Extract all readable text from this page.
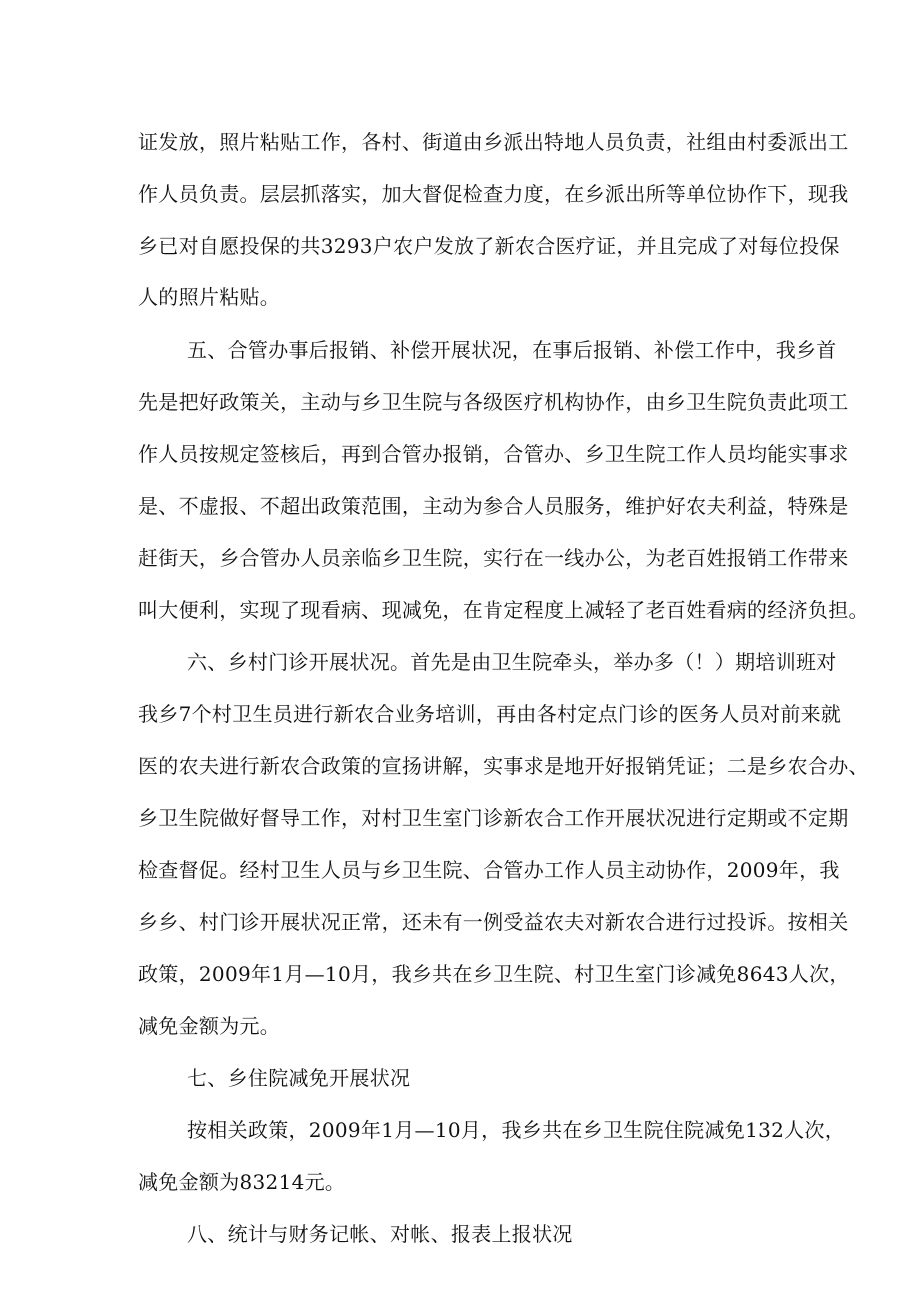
证发放，照片粘贴工作，各村、街道由乡派出特地人员负责，社组由村委派出工
作人员负责。层层抓落实，加大督促检查力度，在乡派出所等单位协作下，现我
乡已对自愿投保的共3293户农户发放了新农合医疗证，并且完成了对每位投保
人的照片粘贴。
五、合管办事后报销、补偿开展状况，在事后报销、补偿工作中，我乡首
先是把好政策关，主动与乡卫生院与各级医疗机构协作，由乡卫生院负责此项工
作人员按规定签核后，再到合管办报销，合管办、乡卫生院工作人员均能实事求
是、不虚报、不超出政策范围，主动为参合人员服务，维护好农夫利益，特殊是
赶街天，乡合管办人员亲临乡卫生院，实行在一线办公，为老百姓报销工作带来
叫大便利，实现了现看病、现减免，在肯定程度上减轻了老百姓看病的经济负担。
六、乡村门诊开展状况。首先是由卫生院牵头，举办多（！）期培训班对
我乡7个村卫生员进行新农合业务培训，再由各村定点门诊的医务人员对前来就
医的农夫进行新农合政策的宣扬讲解，实事求是地开好报销凭证；二是乡农合办、
乡卫生院做好督导工作，对村卫生室门诊新农合工作开展状况进行定期或不定期
检查督促。经村卫生人员与乡卫生院、合管办工作人员主动协作，2009年，我
乡乡、村门诊开展状况正常，还未有一例受益农夫对新农合进行过投诉。按相关
政策，2009年1月—10月，我乡共在乡卫生院、村卫生室门诊减免8643人次，
减免金额为元。
七、乡住院减免开展状况
按相关政策，2009年1月—10月，我乡共在乡卫生院住院减免132人次，
减免金额为83214元。
八、统计与财务记帐、对帐、报表上报状况
